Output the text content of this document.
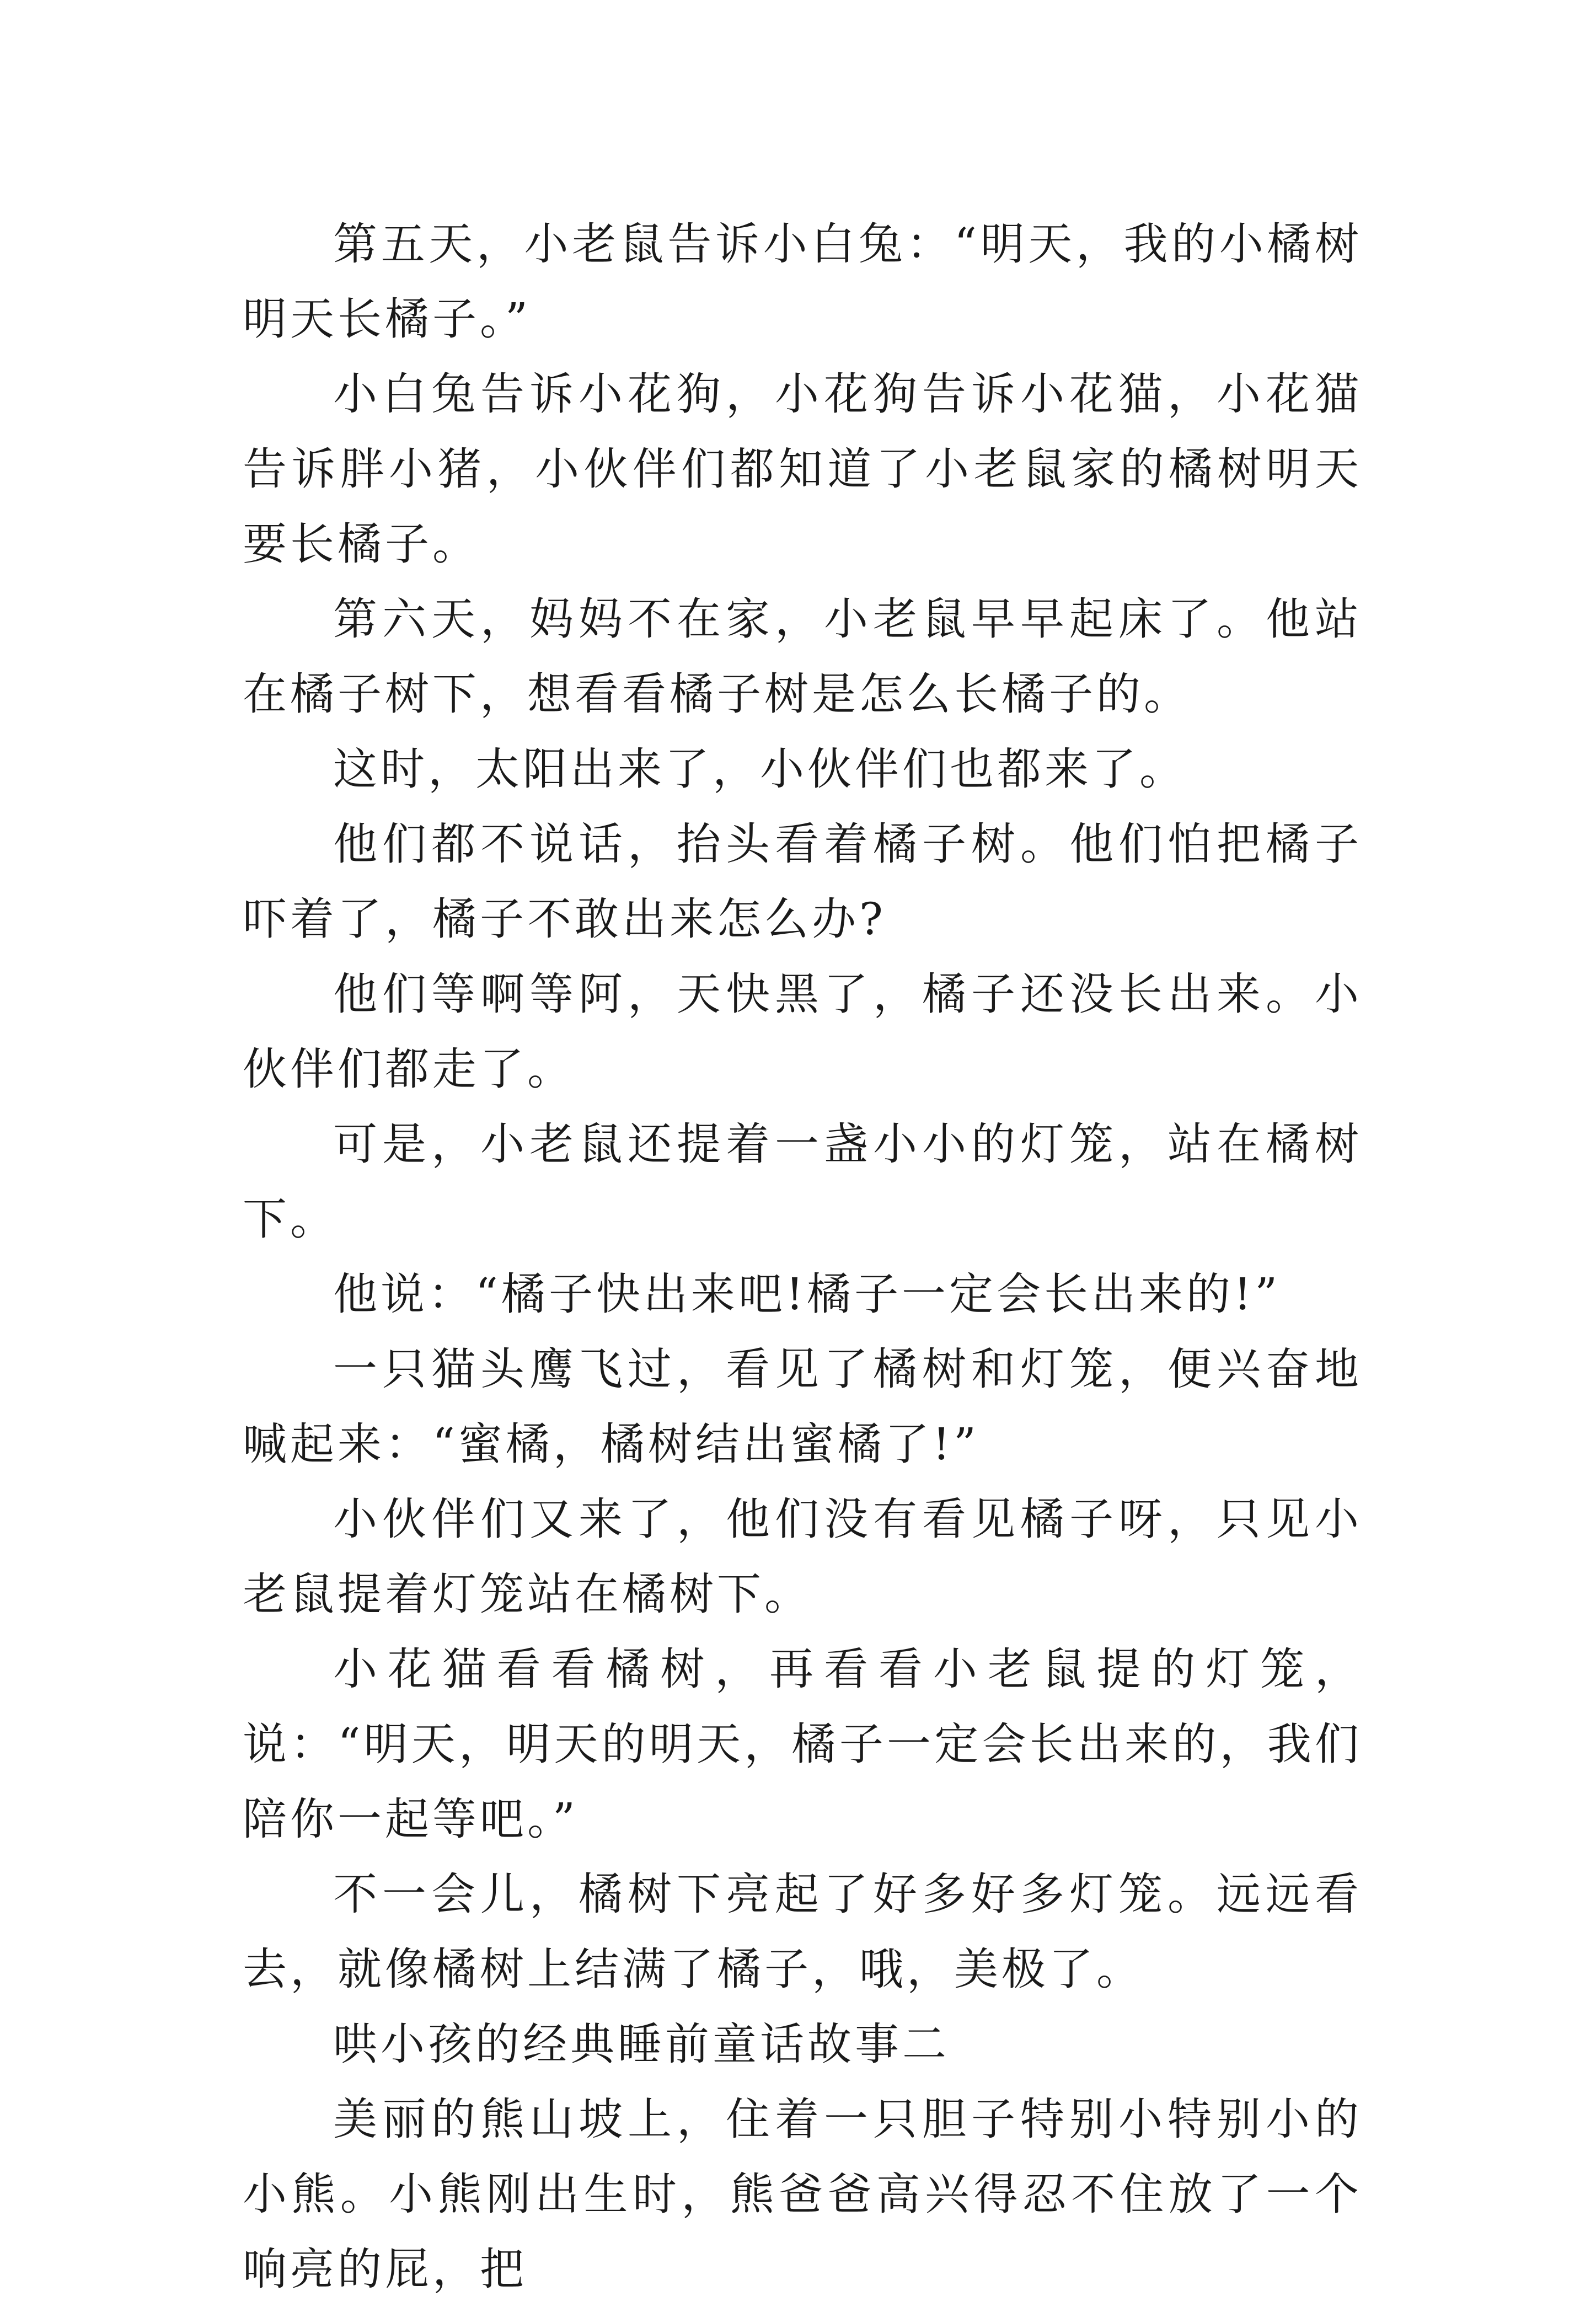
第五天，小老鼠告诉小白兔：“明天，我的小橘树明天长橘子。”

小白兔告诉小花狗，小花狗告诉小花猫，小花猫告诉胖小猪，小伙伴们都知道了小老鼠家的橘树明天要长橘子。

第六天，妈妈不在家，小老鼠早早起床了。他站在橘子树下，想看看橘子树是怎么长橘子的。

这时，太阳出来了，小伙伴们也都来了。

他们都不说话，抬头看着橘子树。他们怕把橘子吓着了，橘子不敢出来怎么办?

他们等啊等阿，天快黑了，橘子还没长出来。小伙伴们都走了。

可是，小老鼠还提着一盏小小的灯笼，站在橘树下。

他说：“橘子快出来吧!橘子一定会长出来的!”

一只猫头鹰飞过，看见了橘树和灯笼，便兴奋地喊起来：“蜜橘，橘树结出蜜橘了!”

小伙伴们又来了，他们没有看见橘子呀，只见小老鼠提着灯笼站在橘树下。

小花猫看看橘树，再看看小老鼠提的灯笼，说：“明天，明天的明天，橘子一定会长出来的，我们陪你一起等吧。”

不一会儿，橘树下亮起了好多好多灯笼。远远看去，就像橘树上结满了橘子，哦，美极了。

哄小孩的经典睡前童话故事二

美丽的熊山坡上，住着一只胆子特别小特别小的小熊。小熊刚出生时，熊爸爸高兴得忍不住放了一个响亮的屁，把
